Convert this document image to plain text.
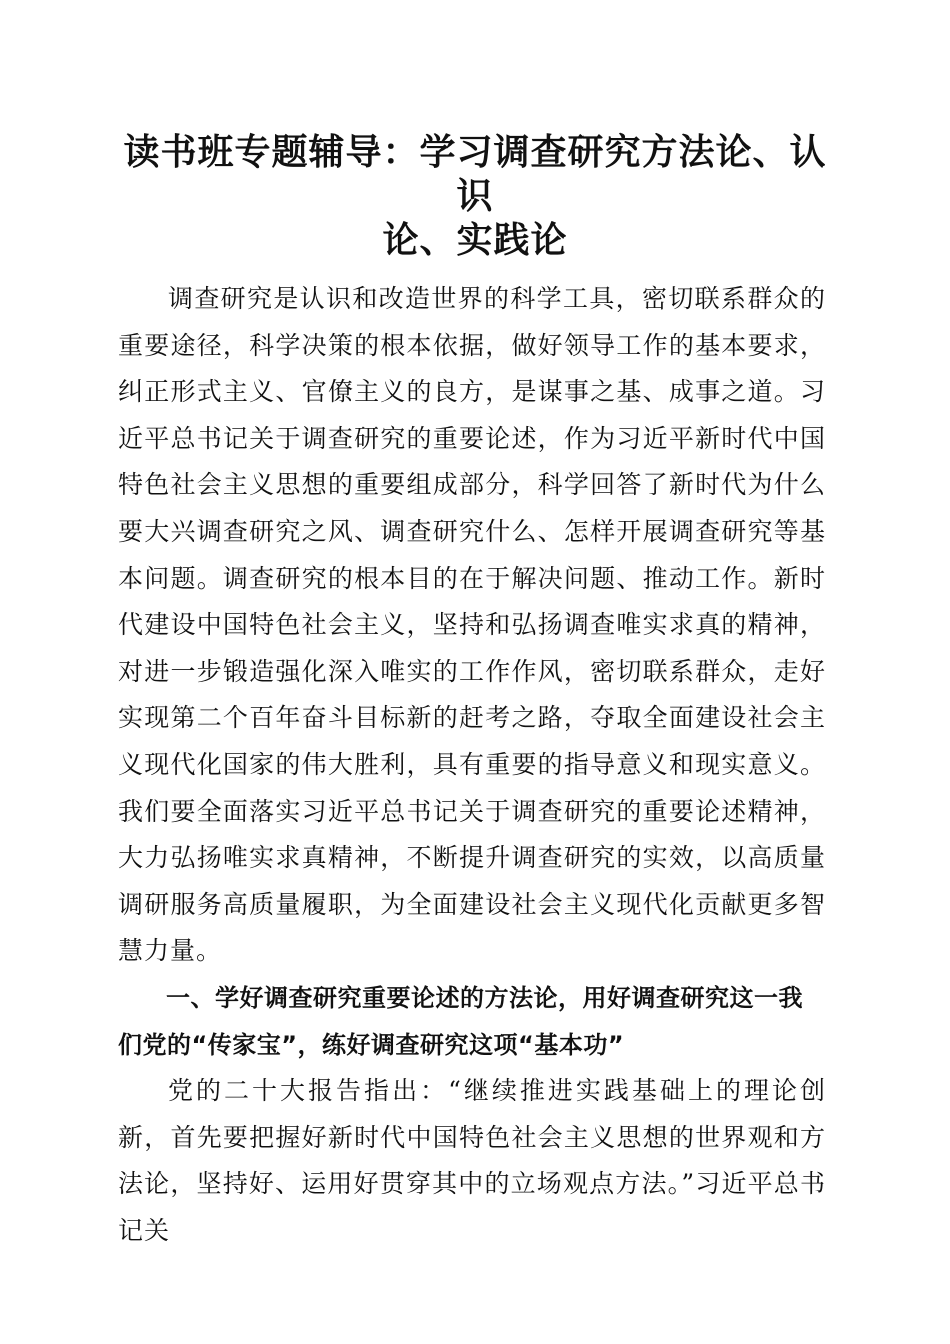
读书班专题辅导：学习调查研究方法论、认识
论、实践论

调查研究是认识和改造世界的科学工具，密切联系群众的重要途径，科学决策的根本依据，做好领导工作的基本要求，纠正形式主义、官僚主义的良方，是谋事之基、成事之道。习近平总书记关于调查研究的重要论述，作为习近平新时代中国特色社会主义思想的重要组成部分，科学回答了新时代为什么要大兴调查研究之风、调查研究什么、怎样开展调查研究等基本问题。调查研究的根本目的在于解决问题、推动工作。新时代建设中国特色社会主义，坚持和弘扬调查唯实求真的精神，对进一步锻造强化深入唯实的工作作风，密切联系群众，走好实现第二个百年奋斗目标新的赶考之路，夺取全面建设社会主义现代化国家的伟大胜利，具有重要的指导意义和现实意义。我们要全面落实习近平总书记关于调查研究的重要论述精神，大力弘扬唯实求真精神，不断提升调查研究的实效，以高质量调研服务高质量履职，为全面建设社会主义现代化贡献更多智慧力量。

一、学好调查研究重要论述的方法论，用好调查研究这一我们党的“传家宝”，练好调查研究这项“基本功”

党的二十大报告指出：“继续推进实践基础上的理论创新，首先要把握好新时代中国特色社会主义思想的世界观和方法论，坚持好、运用好贯穿其中的立场观点方法。”习近平总书记关
